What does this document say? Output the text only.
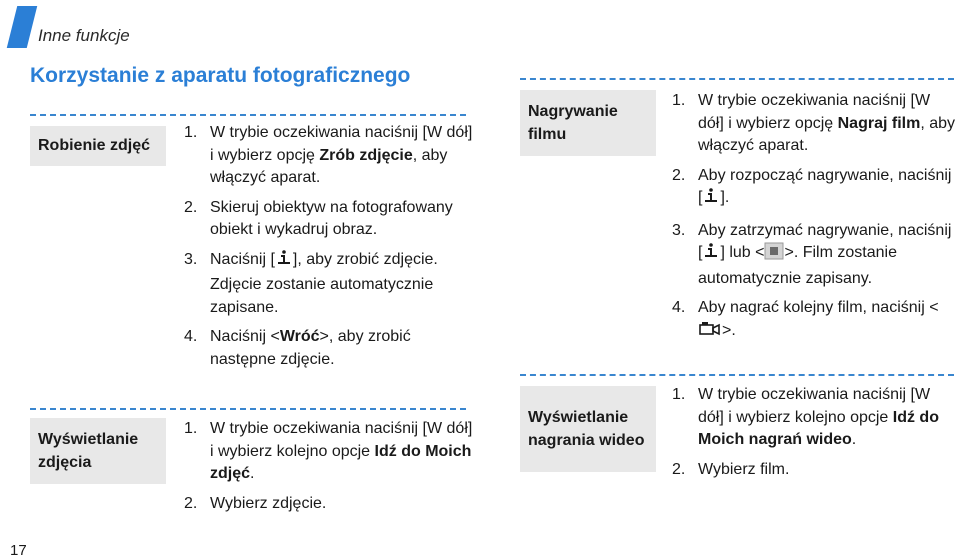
Inne funkcje
Korzystanie z aparatu fotograficznego
Robienie zdjęć
1. W trybie oczekiwania naciśnij [W dół] i wybierz opcję Zrób zdjęcie, aby włączyć aparat.
2. Skieruj obiektyw na fotografowany obiekt i wykadruj obraz.
3. Naciśnij [ ], aby zrobić zdjęcie. Zdjęcie zostanie automatycznie zapisane.
4. Naciśnij <Wróć>, aby zrobić następne zdjęcie.
Wyświetlanie zdjęcia
1. W trybie oczekiwania naciśnij [W dół] i wybierz kolejno opcje Idź do Moich zdjęć.
2. Wybierz zdjęcie.
Nagrywanie filmu
1. W trybie oczekiwania naciśnij [W dół] i wybierz opcję Nagraj film, aby włączyć aparat.
2. Aby rozpocząć nagrywanie, naciśnij [ ].
3. Aby zatrzymać nagrywanie, naciśnij [ ] lub < >. Film zostanie automatycznie zapisany.
4. Aby nagrać kolejny film, naciśnij <>.
Wyświetlanie nagrania wideo
1. W trybie oczekiwania naciśnij [W dół] i wybierz kolejno opcje Idź do Moich nagrań wideo.
2. Wybierz film.
17
